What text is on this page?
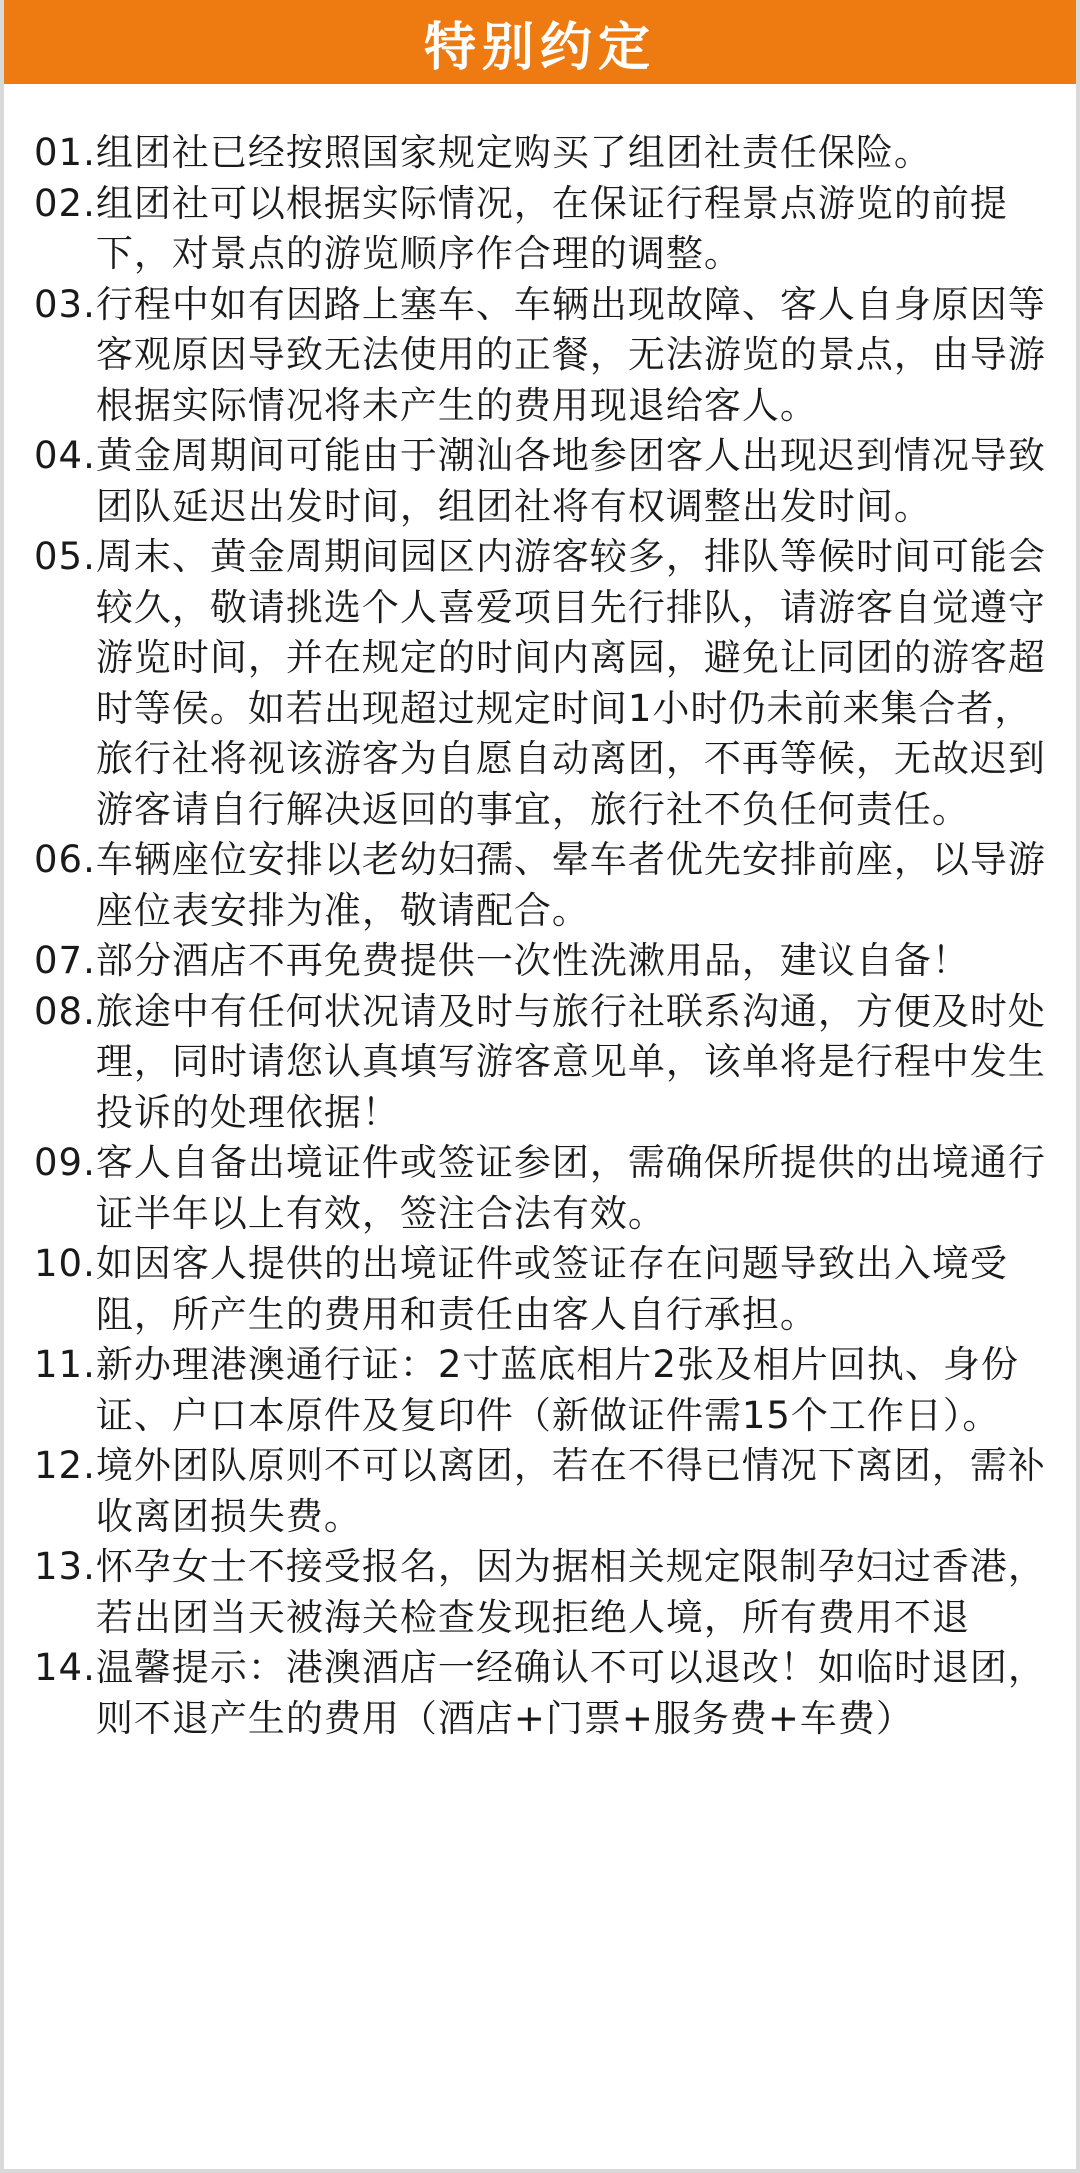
特别约定
01. 组团社已经按照国家规定购买了组团社责任保险。
02. 组团社可以根据实际情况，在保证行程景点游览的前提下，对景点的游览顺序作合理的调整。
03. 行程中如有因路上塞车、车辆出现故障、客人自身原因等客观原因导致无法使用的正餐，无法游览的景点，由导游根据实际情况将未产生的费用现退给客人。
04. 黄金周期间可能由于潮汕各地参团客人出现迟到情况导致团队延迟出发时间，组团社将有权调整出发时间。
05. 周末、黄金周期间园区内游客较多，排队等候时间可能会较久，敬请挑选个人喜爱项目先行排队，请游客自觉遵守游览时间，并在规定的时间内离园，避免让同团的游客超时等侯。如若出现超过规定时间1小时仍未前来集合者，旅行社将视该游客为自愿自动离团，不再等候，无故迟到游客请自行解决返回的事宜，旅行社不负任何责任。
06. 车辆座位安排以老幼妇孺、晕车者优先安排前座，以导游座位表安排为准，敬请配合。
07. 部分酒店不再免费提供一次性洗漱用品，建议自备！
08. 旅途中有任何状况请及时与旅行社联系沟通，方便及时处理，同时请您认真填写游客意见单，该单将是行程中发生投诉的处理依据！
09. 客人自备出境证件或签证参团，需确保所提供的出境通行证半年以上有效，签注合法有效。
10. 如因客人提供的出境证件或签证存在问题导致出入境受阻，所产生的费用和责任由客人自行承担。
11. 新办理港澳通行证：2寸蓝底相片2张及相片回执、身份证、户口本原件及复印件（新做证件需15个工作日）。
12. 境外团队原则不可以离团，若在不得已情况下离团，需补收离团损失费。
13. 怀孕女士不接受报名，因为据相关规定限制孕妇过香港，若出团当天被海关检查发现拒绝人境，所有费用不退
14. 温馨提示：港澳酒店一经确认不可以退改！如临时退团，则不退产生的费用（酒店+门票+服务费+车费）
